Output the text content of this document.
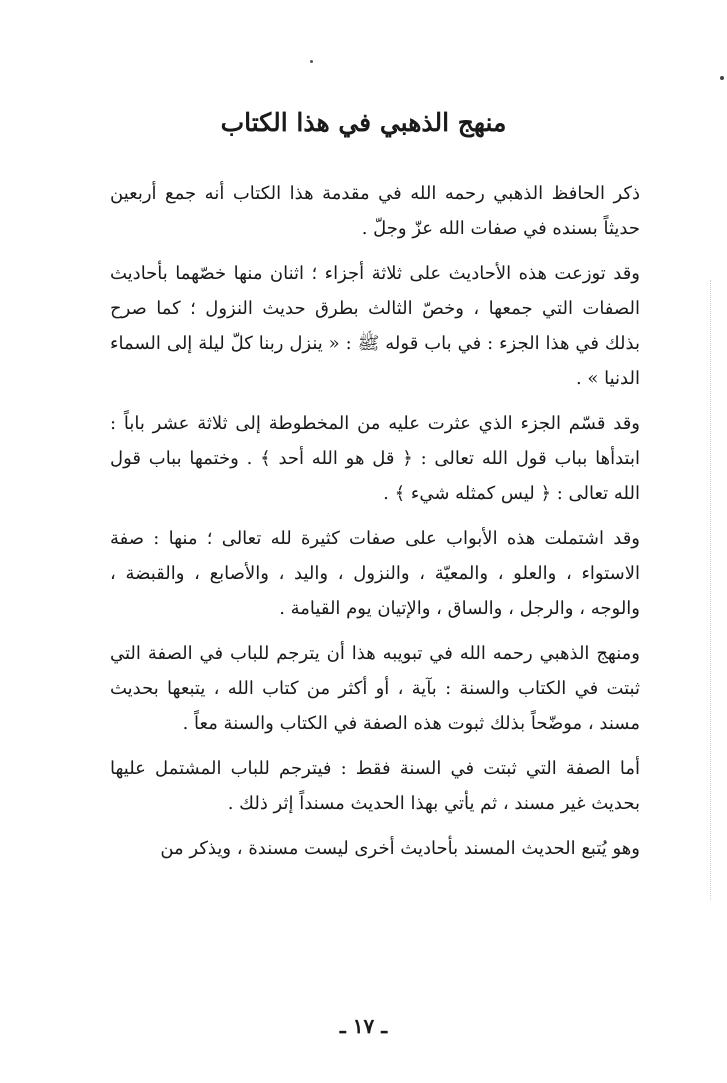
منهج الذهبي في هذا الكتاب

ذكر الحافظ الذهبي رحمه الله في مقدمة هذا الكتاب أنه جمع أربعين حديثاً بسنده في صفات الله عزّ وجلّ .

وقد توزعت هذه الأحاديث على ثلاثة أجزاء ؛ اثنان منها خصّهما بأحاديث الصفات التي جمعها ، وخصّ الثالث بطرق حديث النزول ؛ كما صرح بذلك في هذا الجزء : في باب قوله ﷺ : « ينزل ربنا كلّ ليلة إلى السماء الدنيا » .

وقد قسّم الجزء الذي عثرت عليه من المخطوطة إلى ثلاثة عشر باباً : ابتدأها بباب قول الله تعالى : ﴿ قل هو الله أحد ﴾ . وختمها بباب قول الله تعالى : ﴿ ليس كمثله شيء ﴾ .

وقد اشتملت هذه الأبواب على صفات كثيرة لله تعالى ؛ منها : صفة الاستواء ، والعلو ، والمعيّة ، والنزول ، واليد ، والأصابع ، والقبضة ، والوجه ، والرجل ، والساق ، والإتيان يوم القيامة .

ومنهج الذهبي رحمه الله في تبويبه هذا أن يترجم للباب في الصفة التي ثبتت في الكتاب والسنة : بآية ، أو أكثر من كتاب الله ، يتبعها بحديث مسند ، موضّحاً بذلك ثبوت هذه الصفة في الكتاب والسنة معاً .

أما الصفة التي ثبتت في السنة فقط : فيترجم للباب المشتمل عليها بحديث غير مسند ، ثم يأتي بهذا الحديث مسنداً إثر ذلك .

وهو يُتبع الحديث المسند بأحاديث أخرى ليست مسندة ، ويذكر من

ـ ١٧ ـ
